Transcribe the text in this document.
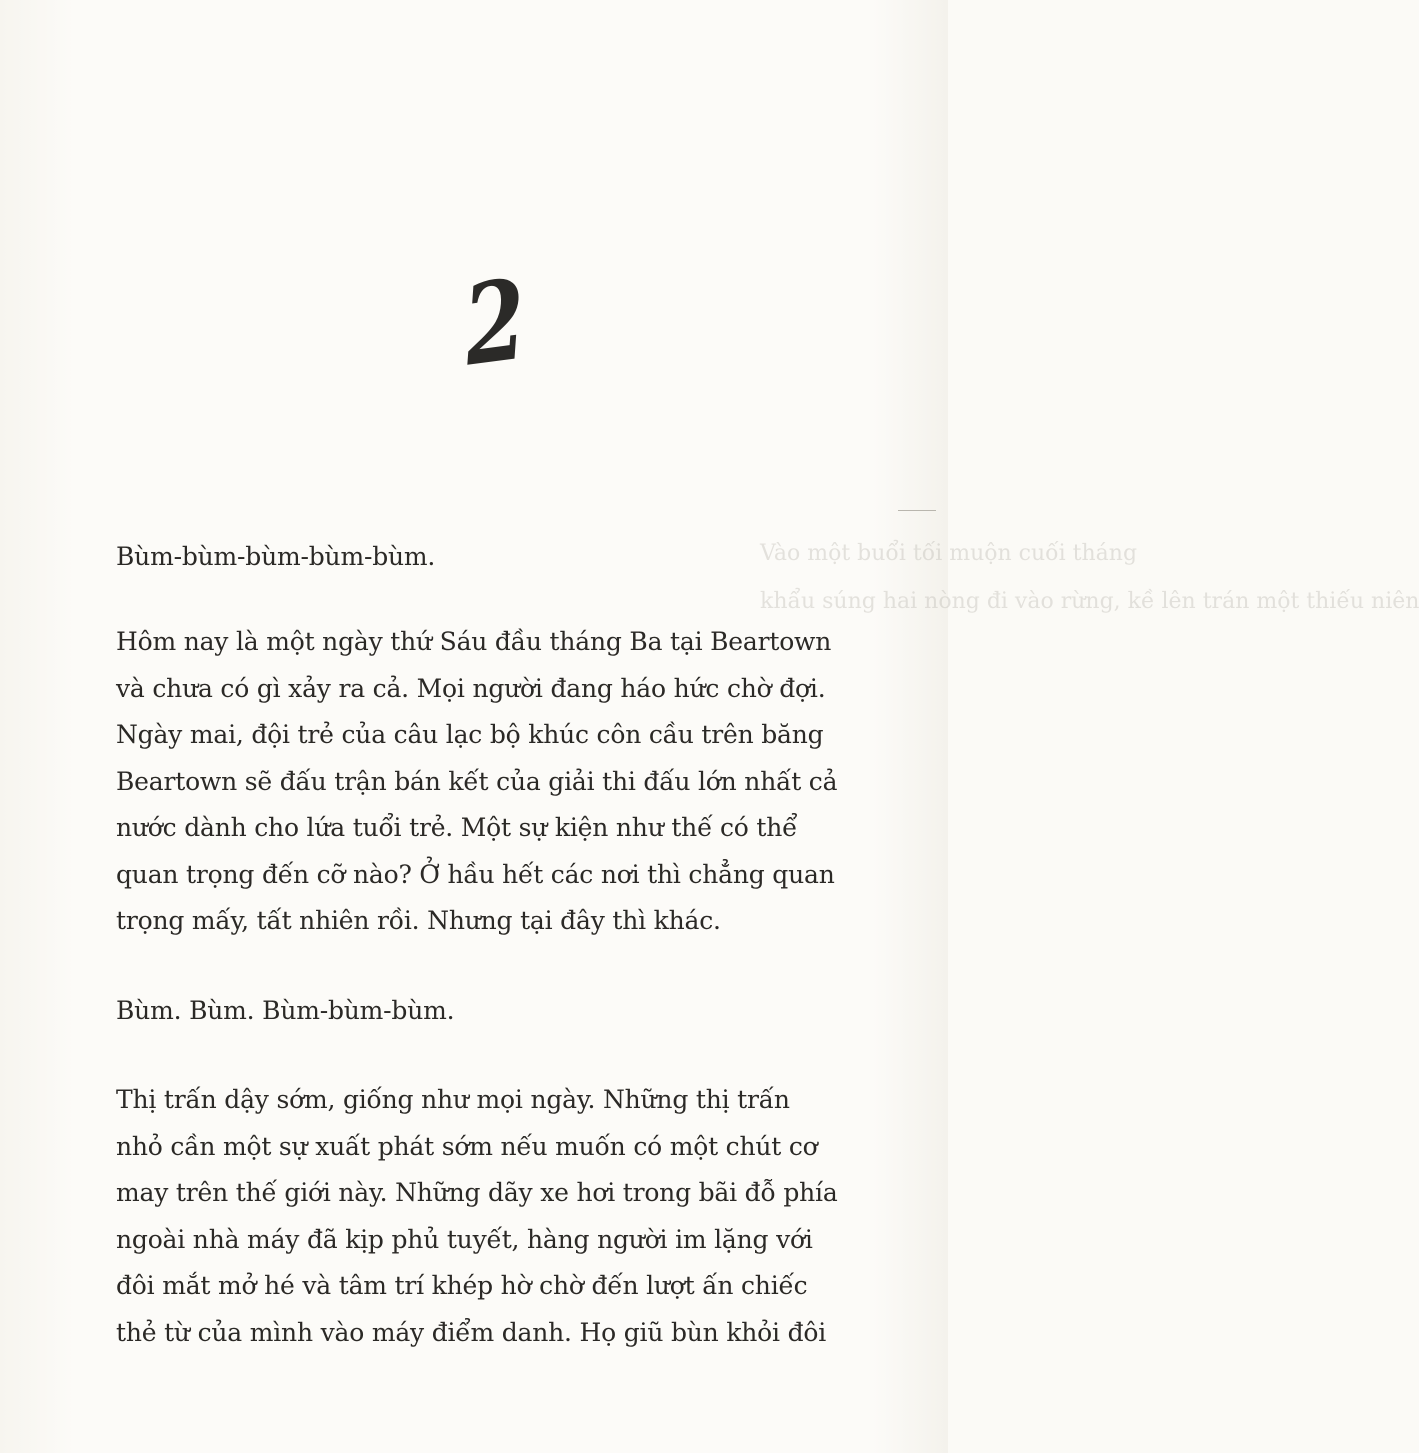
Vào một buổi tối muộn cuối tháng
khẩu súng hai nòng đi vào rừng, kề lên trán một thiếu niên
2
Bùm-bùm-bùm-bùm-bùm.
Hôm nay là một ngày thứ Sáu đầu tháng Ba tại Beartown
và chưa có gì xảy ra cả. Mọi người đang háo hức chờ đợi.
Ngày mai, đội trẻ của câu lạc bộ khúc côn cầu trên băng
Beartown sẽ đấu trận bán kết của giải thi đấu lớn nhất cả
nước dành cho lứa tuổi trẻ. Một sự kiện như thế có thể
quan trọng đến cỡ nào? Ở hầu hết các nơi thì chẳng quan
trọng mấy, tất nhiên rồi. Nhưng tại đây thì khác.
Bùm. Bùm. Bùm-bùm-bùm.
Thị trấn dậy sớm, giống như mọi ngày. Những thị trấn
nhỏ cần một sự xuất phát sớm nếu muốn có một chút cơ
may trên thế giới này. Những dãy xe hơi trong bãi đỗ phía
ngoài nhà máy đã kịp phủ tuyết, hàng người im lặng với
đôi mắt mở hé và tâm trí khép hờ chờ đến lượt ấn chiếc
thẻ từ của mình vào máy điểm danh. Họ giũ bùn khỏi đôi
